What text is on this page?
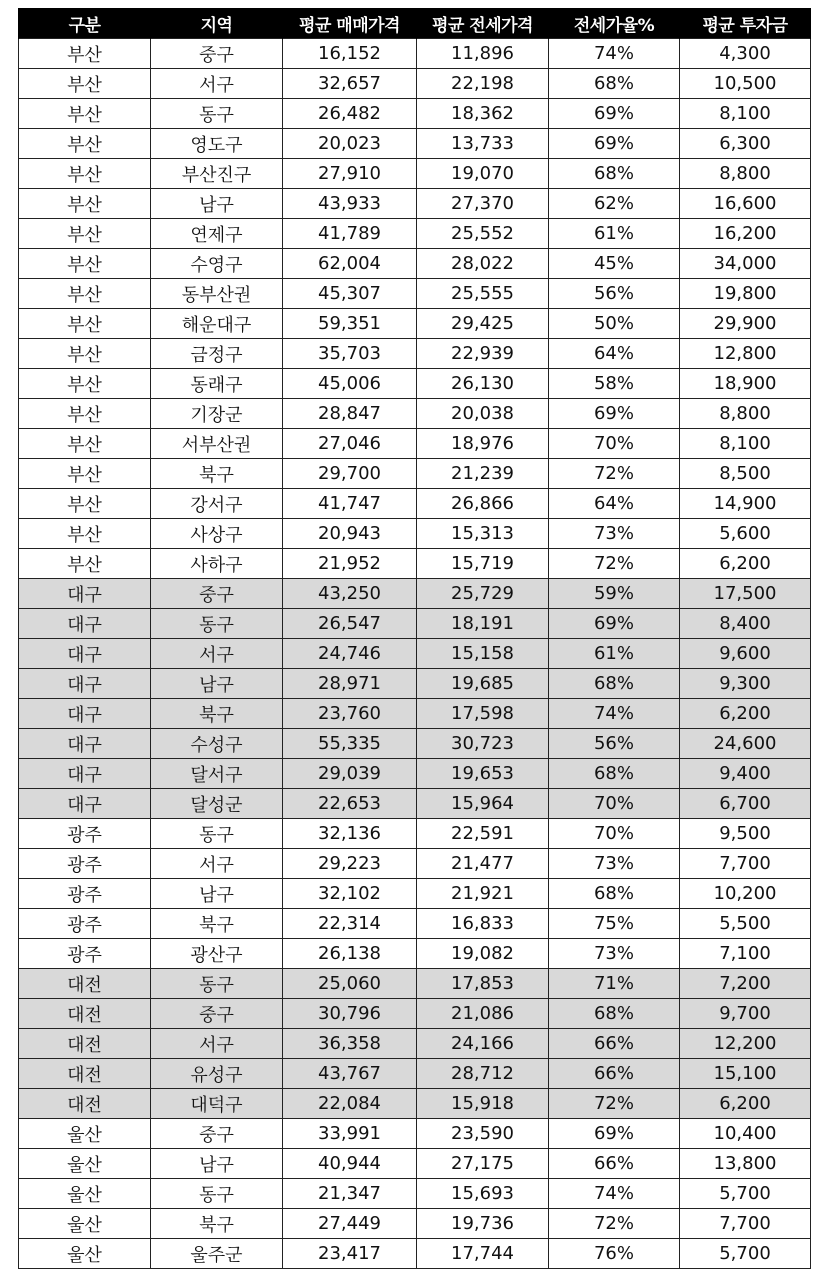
구분	지역	평균 매매가격	평균 전세가격	전세가율%	평균 투자금
부산	중구	16,152	11,896	74%	4,300
부산	서구	32,657	22,198	68%	10,500
부산	동구	26,482	18,362	69%	8,100
부산	영도구	20,023	13,733	69%	6,300
부산	부산진구	27,910	19,070	68%	8,800
부산	남구	43,933	27,370	62%	16,600
부산	연제구	41,789	25,552	61%	16,200
부산	수영구	62,004	28,022	45%	34,000
부산	동부산권	45,307	25,555	56%	19,800
부산	해운대구	59,351	29,425	50%	29,900
부산	금정구	35,703	22,939	64%	12,800
부산	동래구	45,006	26,130	58%	18,900
부산	기장군	28,847	20,038	69%	8,800
부산	서부산권	27,046	18,976	70%	8,100
부산	북구	29,700	21,239	72%	8,500
부산	강서구	41,747	26,866	64%	14,900
부산	사상구	20,943	15,313	73%	5,600
부산	사하구	21,952	15,719	72%	6,200
대구	중구	43,250	25,729	59%	17,500
대구	동구	26,547	18,191	69%	8,400
대구	서구	24,746	15,158	61%	9,600
대구	남구	28,971	19,685	68%	9,300
대구	북구	23,760	17,598	74%	6,200
대구	수성구	55,335	30,723	56%	24,600
대구	달서구	29,039	19,653	68%	9,400
대구	달성군	22,653	15,964	70%	6,700
광주	동구	32,136	22,591	70%	9,500
광주	서구	29,223	21,477	73%	7,700
광주	남구	32,102	21,921	68%	10,200
광주	북구	22,314	16,833	75%	5,500
광주	광산구	26,138	19,082	73%	7,100
대전	동구	25,060	17,853	71%	7,200
대전	중구	30,796	21,086	68%	9,700
대전	서구	36,358	24,166	66%	12,200
대전	유성구	43,767	28,712	66%	15,100
대전	대덕구	22,084	15,918	72%	6,200
울산	중구	33,991	23,590	69%	10,400
울산	남구	40,944	27,175	66%	13,800
울산	동구	21,347	15,693	74%	5,700
울산	북구	27,449	19,736	72%	7,700
울산	울주군	23,417	17,744	76%	5,700
